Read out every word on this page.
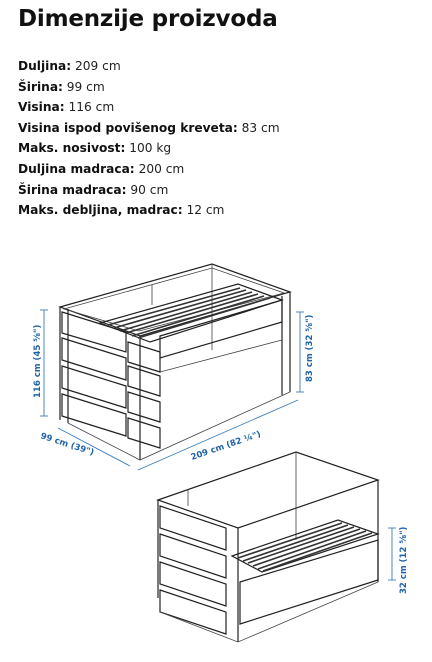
Dimenzije proizvoda
Duljina: 209 cm
Širina: 99 cm
Visina: 116 cm
Visina ispod povišenog kreveta: 83 cm
Maks. nosivost: 100 kg
Duljina madraca: 200 cm
Širina madraca: 90 cm
Maks. debljina, madrac: 12 cm
116 cm (45 ⅝")	83 cm (32 ⅝")
99 cm (39")	209 cm (82 ¼")
32 cm (12 ⅝")
